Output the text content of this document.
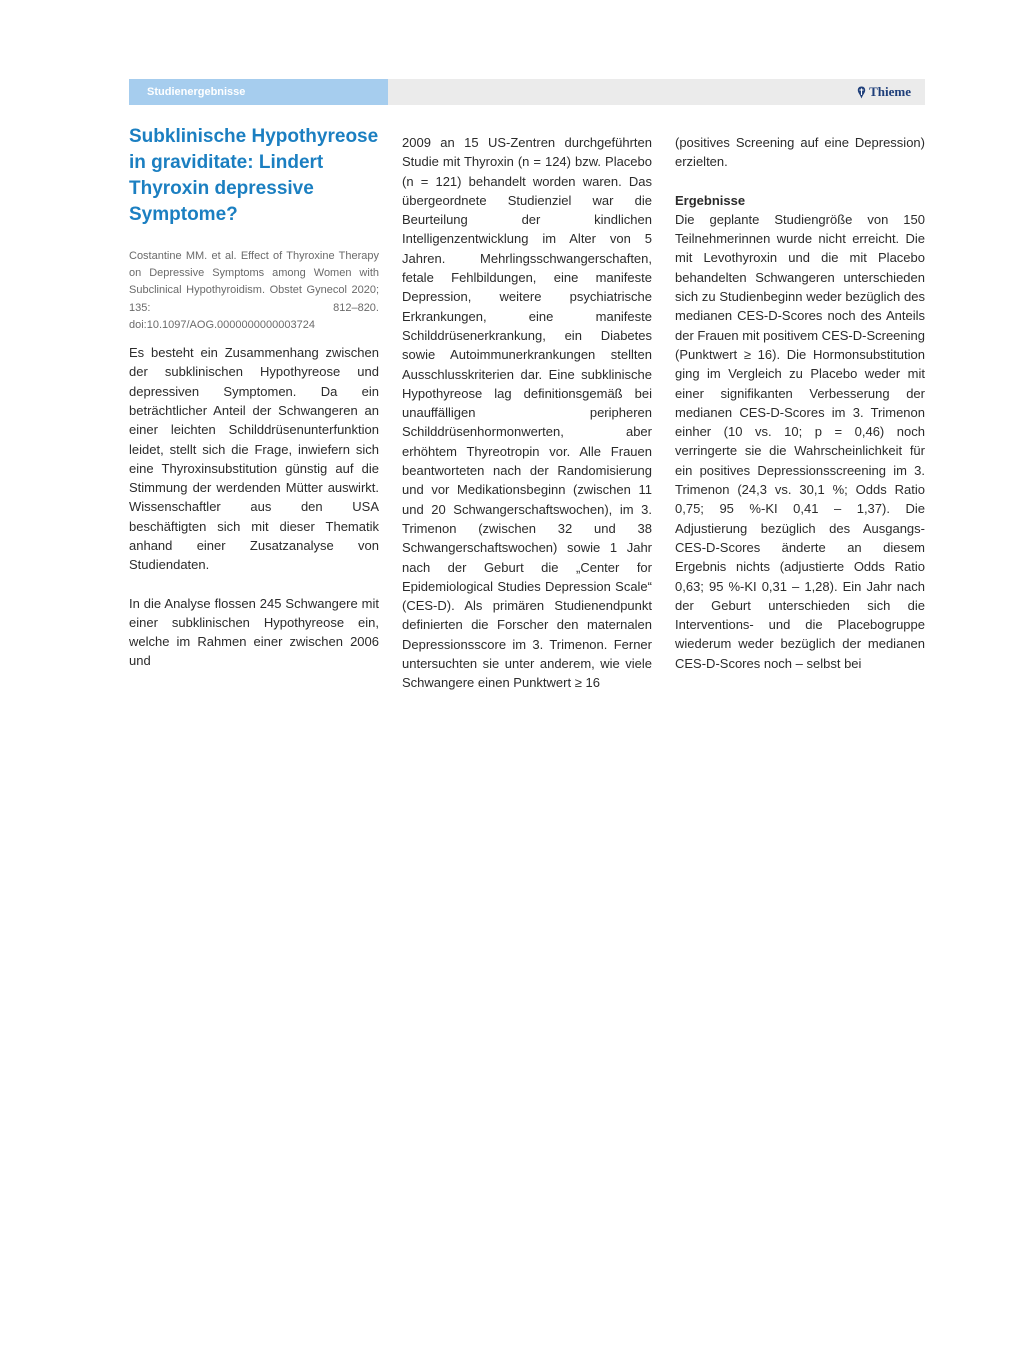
Studienergebnisse	Thieme
Subklinische Hypothyreose in graviditate: Lindert Thyroxin depressive Symptome?
Costantine MM. et al. Effect of Thyroxine Therapy on Depressive Symptoms among Women with Subclinical Hypothyroidism. Obstet Gynecol 2020; 135: 812–820. doi:10.1097/AOG.0000000000003724

Es besteht ein Zusammenhang zwischen der subklinischen Hypothyreose und depressiven Symptomen. Da ein beträchtlicher Anteil der Schwangeren an einer leichten Schilddrüsenunterfunktion leidet, stellt sich die Frage, inwiefern sich eine Thyroxinsubstitution günstig auf die Stimmung der werdenden Mütter auswirkt. Wissenschaftler aus den USA beschäftigten sich mit dieser Thematik anhand einer Zusatzanalyse von Studiendaten.

In die Analyse flossen 245 Schwangere mit einer subklinischen Hypothyreose ein, welche im Rahmen einer zwischen 2006 und

2009 an 15 US-Zentren durchgeführten Studie mit Thyroxin (n = 124) bzw. Placebo (n = 121) behandelt worden waren. Das übergeordnete Studienziel war die Beurteilung der kindlichen Intelligenzentwicklung im Alter von 5 Jahren. Mehrlingsschwangerschaften, fetale Fehlbildungen, eine manifeste Depression, weitere psychiatrische Erkrankungen, eine manifeste Schilddrüsenerkrankung, ein Diabetes sowie Autoimmunerkrankungen stellten Ausschlusskriterien dar. Eine subklinische Hypothyreose lag definitionsgemäß bei unauffälligen peripheren Schilddrüsenhormonwerten, aber erhöhtem Thyreotropin vor. Alle Frauen beantworteten nach der Randomisierung und vor Medikationsbeginn (zwischen 11 und 20 Schwangerschaftswochen), im 3. Trimenon (zwischen 32 und 38 Schwangerschaftswochen) sowie 1 Jahr nach der Geburt die „Center for Epidemiological Studies Depression Scale“ (CES-D). Als primären Studienendpunkt definierten die Forscher den maternalen Depressionsscore im 3. Trimenon. Ferner untersuchten sie unter anderem, wie viele Schwangere einen Punktwert ≥ 16

(positives Screening auf eine Depression) erzielten.

Ergebnisse

Die geplante Studiengröße von 150 Teilnehmerinnen wurde nicht erreicht. Die mit Levothyroxin und die mit Placebo behandelten Schwangeren unterschieden sich zu Studienbeginn weder bezüglich des medianen CES-D-Scores noch des Anteils der Frauen mit positivem CES-D-Screening (Punktwert ≥ 16). Die Hormonsubstitution ging im Vergleich zu Placebo weder mit einer signifikanten Verbesserung der medianen CES-D-Scores im 3. Trimenon einher (10 vs. 10; p = 0,46) noch verringerte sie die Wahrscheinlichkeit für ein positives Depressionsscreening im 3. Trimenon (24,3 vs. 30,1 %; Odds Ratio 0,75; 95 %-KI 0,41 – 1,37). Die Adjustierung bezüglich des Ausgangs-CES-D-Scores änderte an diesem Ergebnis nichts (adjustierte Odds Ratio 0,63; 95 %-KI 0,31 – 1,28). Ein Jahr nach der Geburt unterschieden sich die Interventions- und die Placebogruppe wiederum weder bezüglich der medianen CES-D-Scores noch – selbst bei
